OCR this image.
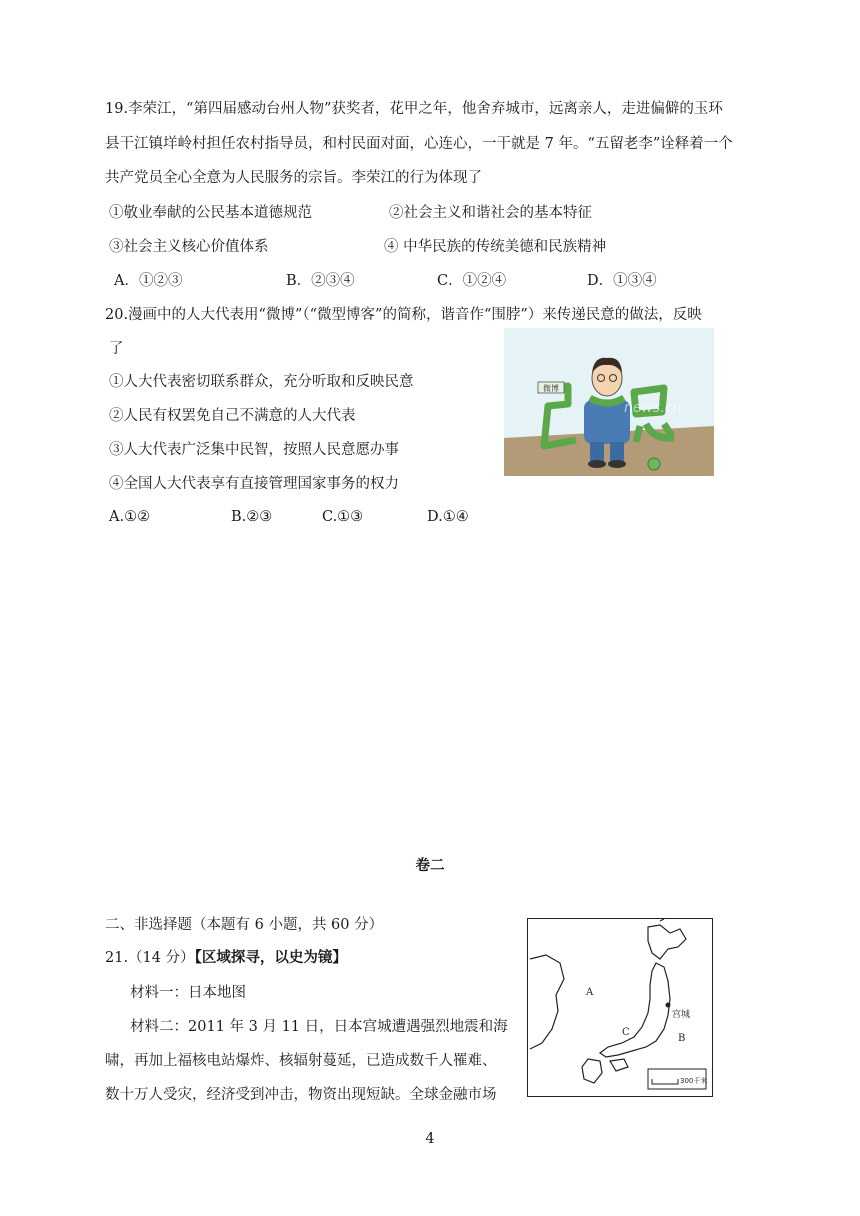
19.李荣江，“第四届感动台州人物”获奖者，花甲之年，他舍弃城市，远离亲人，走进偏僻的玉环
县干江镇垟岭村担任农村指导员，和村民面对面，心连心，一干就是 7 年。“五留老李”诠释着一个
共产党员全心全意为人民服务的宗旨。李荣江的行为体现了
①敬业奉献的公民基本道德规范	②社会主义和谐社会的基本特征
③社会主义核心价值体系	④ 中华民族的传统美德和民族精神
A．①②③	B．②③④	C．①②④	D．①③④
20.漫画中的人大代表用“微博”（“微型博客”的简称，谐音作“围脖”）来传递民意的做法，反映
了
①人大代表密切联系群众，充分听取和反映民意
②人民有权罢免自己不满意的人大代表
③人大代表广泛集中民智，按照人民意愿办事
④全国人大代表享有直接管理国家事务的权力
A.①②	B.②③	C.①③	D.①④
微博
news.cn
卷二
二、非选择题（本题有 6 小题，共 60 分）
21.（14 分）【区域探寻，以史为镜】
材料一：日本地图
材料二：2011 年 3 月 11 日，日本宫城遭遇强烈地震和海
啸，再加上福核电站爆炸、核辐射蔓延，已造成数千人罹难、
数十万人受灾，经济受到冲击，物资出现短缺。全球金融市场
A
B
C
宫城
300千米
4
